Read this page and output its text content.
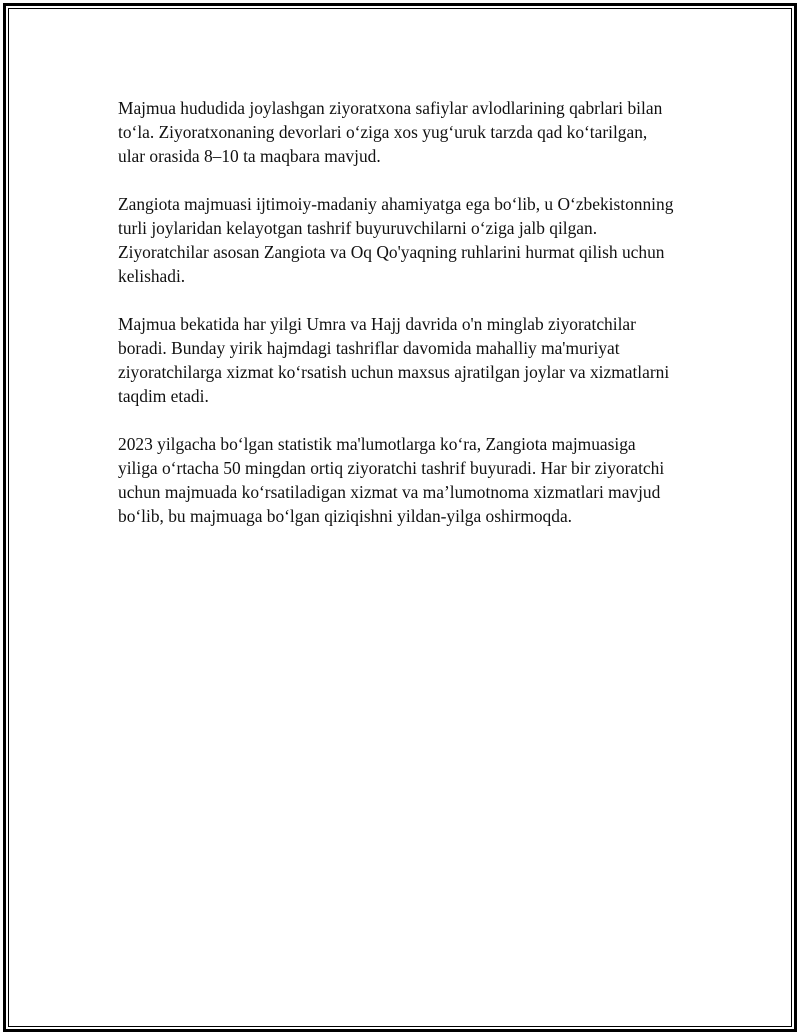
Majmua hududida joylashgan ziyoratxona safiylar avlodlarining qabrlari bilan to‘la. Ziyoratxonaning devorlari o‘ziga xos yug‘uruk tarzda qad ko‘tarilgan, ular orasida 8–10 ta maqbara mavjud.

Zangiota majmuasi ijtimoiy-madaniy ahamiyatga ega bo‘lib, u O‘zbekistonning turli joylaridan kelayotgan tashrif buyuruvchilarni o‘ziga jalb qilgan. Ziyoratchilar asosan Zangiota va Oq Qo'yaqning ruhlarini hurmat qilish uchun kelishadi.

Majmua bekatida har yilgi Umra va Hajj davrida o'n minglab ziyoratchilar boradi. Bunday yirik hajmdagi tashriflar davomida mahalliy ma'muriyat ziyoratchilarga xizmat ko‘rsatish uchun maxsus ajratilgan joylar va xizmatlarni taqdim etadi.

2023 yilgacha bo‘lgan statistik ma'lumotlarga ko‘ra, Zangiota majmuasiga yiliga o‘rtacha 50 mingdan ortiq ziyoratchi tashrif buyuradi. Har bir ziyoratchi uchun majmuada ko‘rsatiladigan xizmat va ma’lumotnoma xizmatlari mavjud bo‘lib, bu majmuaga bo‘lgan qiziqishni yildan-yilga oshirmoqda.
